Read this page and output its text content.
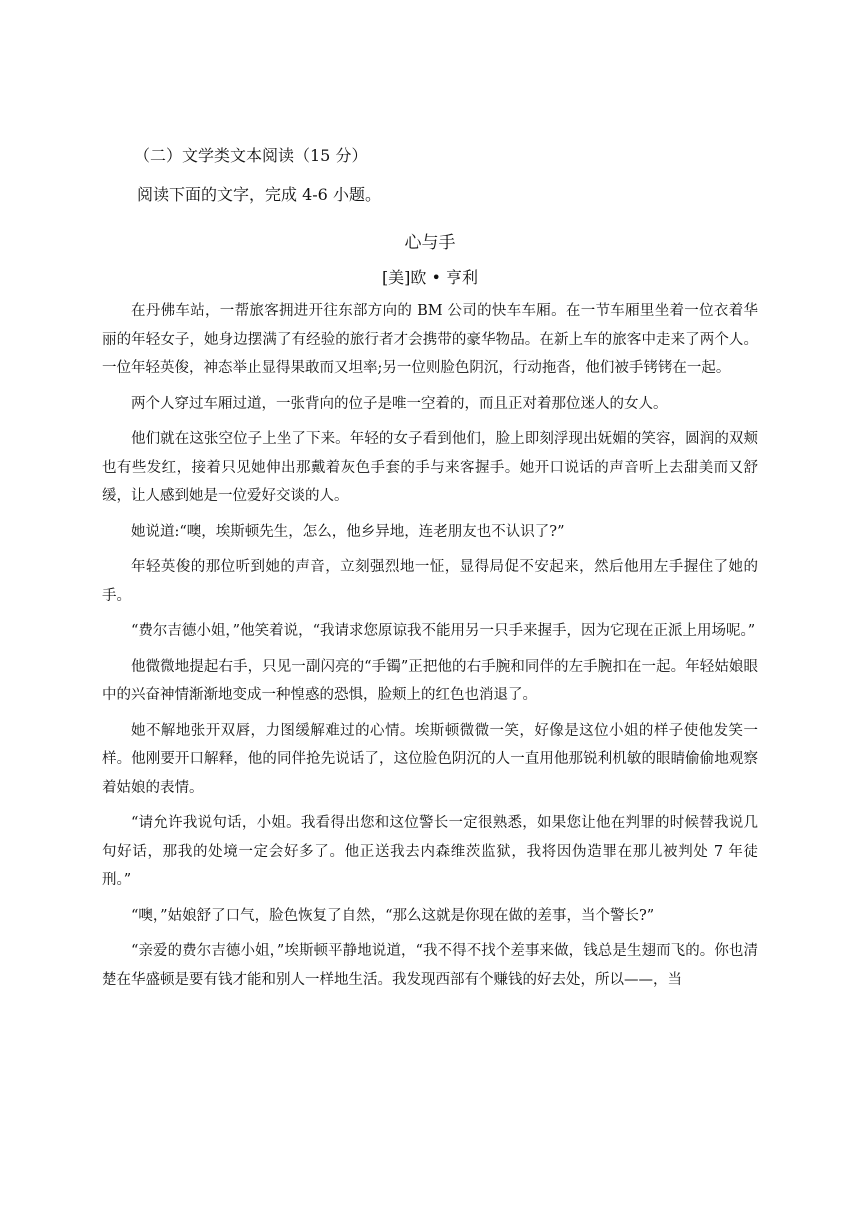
（二）文学类文本阅读（15 分）
阅读下面的文字，完成 4-6 小题。
心与手
[美]欧 • 亨利

在丹佛车站，一帮旅客拥进开往东部方向的 BM 公司的快车车厢。在一节车厢里坐着一位衣着华丽的年轻女子，她身边摆满了有经验的旅行者才会携带的豪华物品。在新上车的旅客中走来了两个人。一位年轻英俊，神态举止显得果敢而又坦率;另一位则脸色阴沉，行动拖沓，他们被手铐铐在一起。

两个人穿过车厢过道，一张背向的位子是唯一空着的，而且正对着那位迷人的女人。

他们就在这张空位子上坐了下来。年轻的女子看到他们，脸上即刻浮现出妩媚的笑容，圆润的双颊也有些发红，接着只见她伸出那戴着灰色手套的手与来客握手。她开口说话的声音听上去甜美而又舒缓，让人感到她是一位爱好交谈的人。

她说道:“噢，埃斯顿先生，怎么，他乡异地，连老朋友也不认识了?”

年轻英俊的那位听到她的声音，立刻强烈地一怔，显得局促不安起来，然后他用左手握住了她的手。

“费尔吉德小姐，”他笑着说，“我请求您原谅我不能用另一只手来握手，因为它现在正派上用场呢。”

他微微地提起右手，只见一副闪亮的“手镯”正把他的右手腕和同伴的左手腕扣在一起。年轻姑娘眼中的兴奋神情渐渐地变成一种惶惑的恐惧，脸颊上的红色也消退了。

她不解地张开双唇，力图缓解难过的心情。埃斯顿微微一笑，好像是这位小姐的样子使他发笑一样。他刚要开口解释，他的同伴抢先说话了，这位脸色阴沉的人一直用他那锐利机敏的眼睛偷偷地观察着姑娘的表情。

“请允许我说句话，小姐。我看得出您和这位警长一定很熟悉，如果您让他在判罪的时候替我说几句好话，那我的处境一定会好多了。他正送我去内森维茨监狱，我将因伪造罪在那儿被判处 7 年徒刑。”

“噢，”姑娘舒了口气，脸色恢复了自然，“那么这就是你现在做的差事，当个警长?”

“亲爱的费尔吉德小姐，”埃斯顿平静地说道，“我不得不找个差事来做，钱总是生翅而飞的。你也清楚在华盛顿是要有钱才能和别人一样地生活。我发现西部有个赚钱的好去处，所以——，当
